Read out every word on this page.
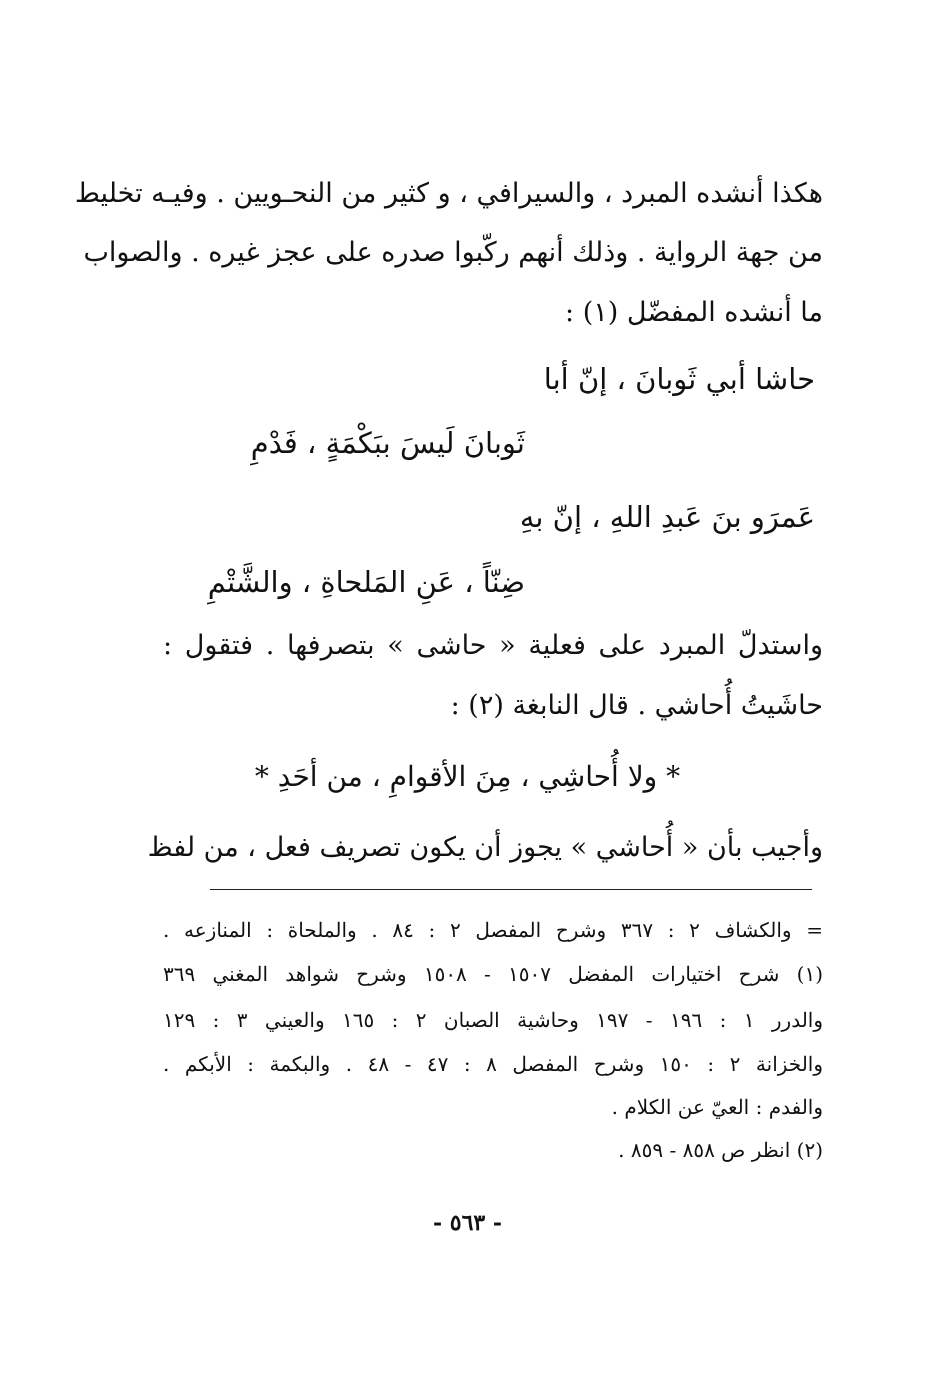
هكذا أنشده المبرد ، والسيرافي ، و كثير من النحـويين . وفيـه تخليط
من جهة الرواية . وذلك أنهم ركّبوا صدره على عجز غيره . والصواب
ما أنشده المفضّل (١) :
حاشا أبي ثَوبانَ ، إنّ أبا
ثَوبانَ لَيسَ ببَكْمَةٍ ، فَدْمِ
عَمرَو بنَ عَبدِ اللهِ ، إنّ بهِ
ضِنّاً ، عَنِ المَلحاةِ ، والشَّتْمِ
واستدلّ المبرد على فعلية « حاشى » بتصرفها . فتقول :
حاشَيتُ أُحاشي . قال النابغة (٢) :
* ولا أُحاشِي ، مِنَ الأقوامِ ، من أحَدِ *
وأجيب بأن « أُحاشي » يجوز أن يكون تصريف فعل ، من لفظ
= والكشاف ٢ : ٣٦٧ وشرح المفصل ٢ : ٨٤ . والملحاة : المنازعه .
(١) شرح اختيارات المفضل ١٥٠٧ - ١٥٠٨ وشرح شواهد المغني ٣٦٩
والدرر ١ : ١٩٦ - ١٩٧ وحاشية الصبان ٢ : ١٦٥ والعيني ٣ : ١٢٩
والخزانة ٢ : ١٥٠ وشرح المفصل ٨ : ٤٧ - ٤٨ . والبكمة : الأبكم .
والفدم : العيّ عن الكلام .
(٢) انظر ص ٨٥٨ - ٨٥٩ .
- ٥٦٣ -
